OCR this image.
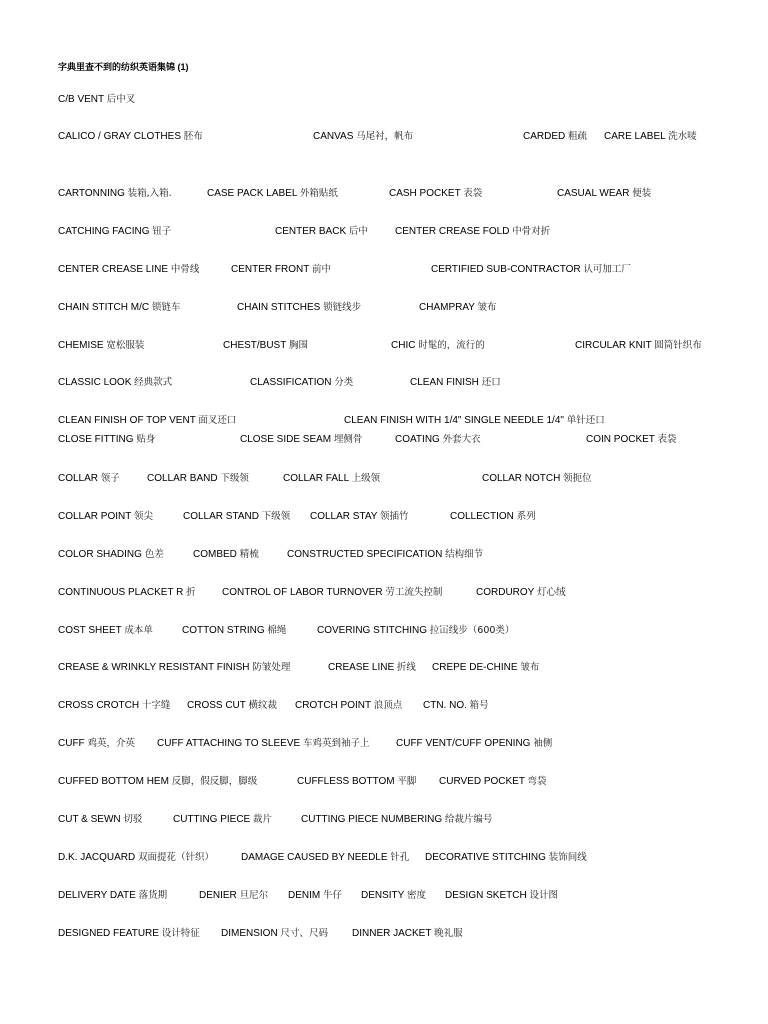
字典里查不到的纺织英语集锦 (1)
C/B VENT 后中叉
CALICO / GRAY CLOTHES 胚布	CANVAS 马尾衬，帆布	CARDED 粗疏 CARE LABEL 洗水唛
CARTONNING 装箱,入箱.	CASE PACK LABEL 外箱贴纸	CASH POCKET 表袋	CASUAL WEAR 便装
CATCHING FACING 钮子	CENTER BACK 后中	CENTER CREASE FOLD 中骨对折
CENTER CREASE LINE 中骨线	CENTER FRONT 前中	CERTIFIED SUB-CONTRACTOR 认可加工厂
CHAIN STITCH M/C 锁链车	CHAIN STITCHES 锁链线步	CHAMPRAY 皱布
CHEMISE 宽松服装	CHEST/BUST 胸围	CHIC 时髦的，流行的	CIRCULAR KNIT 圆筒针织布
CLASSIC LOOK 经典款式	CLASSIFICATION 分类	CLEAN FINISH 还口
CLEAN FINISH OF TOP VENT 面叉还口	CLEAN FINISH WITH 1/4" SINGLE NEEDLE 1/4" 单针还口
CLOSE FITTING 贴身	CLOSE SIDE SEAM 埋侧骨	COATING 外套大衣	COIN POCKET 表袋
COLLAR 领子	COLLAR BAND 下级领	COLLAR FALL 上级领	COLLAR NOTCH 领扼位
COLLAR POINT 领尖	COLLAR STAND 下级领 COLLAR STAY 领插竹	COLLECTION 系列
COLOR SHADING 色差	COMBED 精梳	CONSTRUCTED SPECIFICATION 结构细节
CONTINUOUS PLACKET R 折	CONTROL OF LABOR TURNOVER 劳工流失控制	CORDUROY 灯心绒
COST SHEET 成本单	COTTON STRING 棉绳	COVERING STITCHING 拉冚线步（600类）
CREASE & WRINKLY RESISTANT FINISH 防皱处理	CREASE LINE 折线 CREPE DE-CHINE 皱布
CROSS CROTCH 十字缝 CROSS CUT 横纹裁 CROTCH POINT 浪顶点 CTN. NO. 箱号
CUFF 鸡英，介英 CUFF ATTACHING TO SLEEVE 车鸡英到袖子上	CUFF VENT/CUFF OPENING 袖侧
CUFFED BOTTOM HEM 反脚，假反脚，脚级	CUFFLESS BOTTOM 平脚 CURVED POCKET 弯袋
CUT & SEWN 切驳	CUTTING PIECE 裁片	CUTTING PIECE NUMBERING 给裁片编号
D.K. JACQUARD 双面提花（针织）	DAMAGE CAUSED BY NEEDLE 针孔 DECORATIVE STITCHING 装饰间线
DELIVERY DATE 落货期	DENIER 旦尼尔 DENIM 牛仔 DENSITY 密度 DESIGN SKETCH 设计图
DESIGNED FEATURE 设计特征 DIMENSION 尺寸、尺码 DINNER JACKET 晚礼服
